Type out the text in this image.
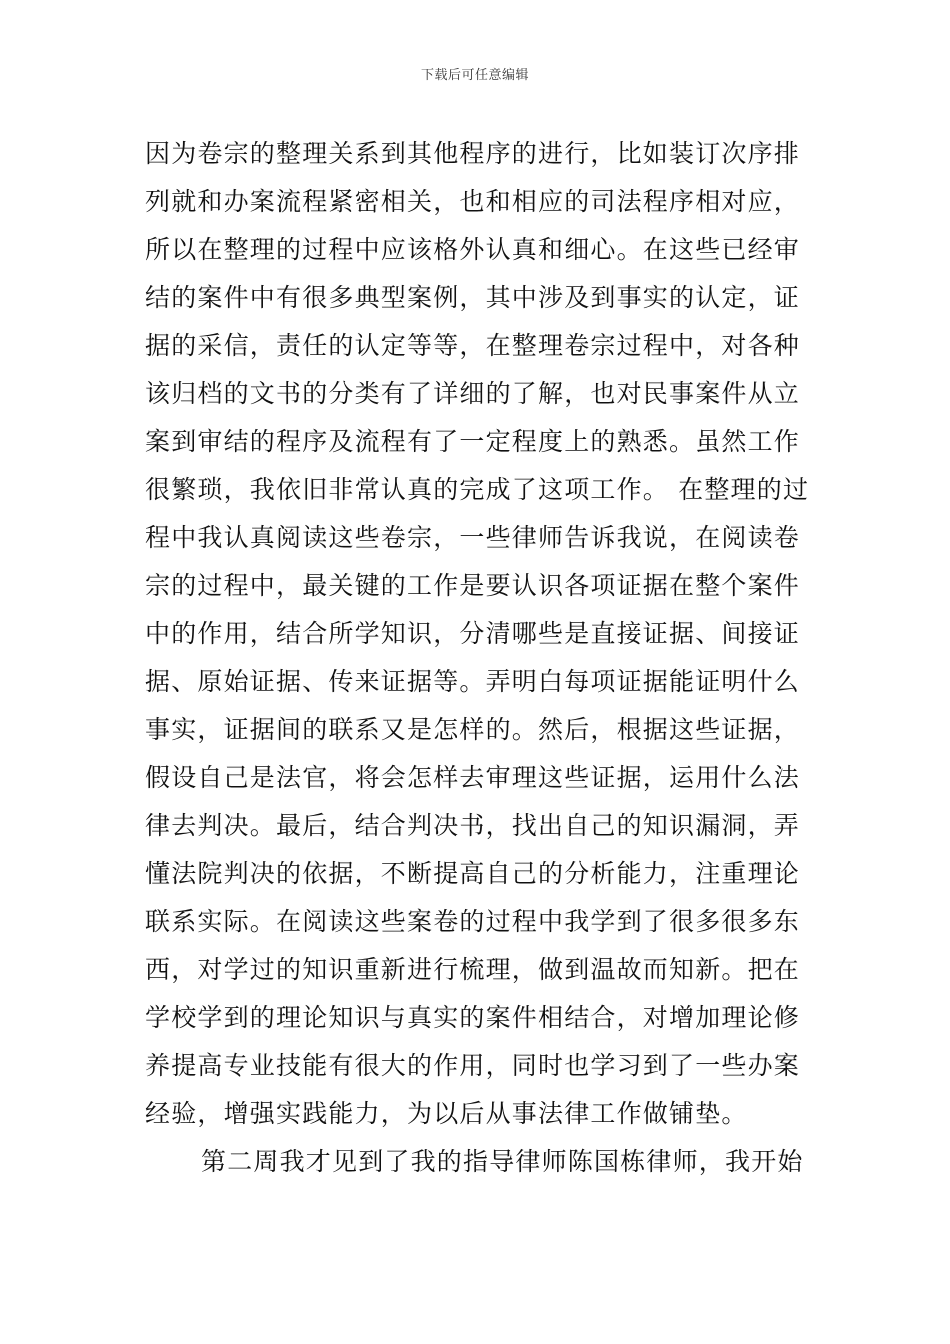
下载后可任意编辑
因为卷宗的整理关系到其他程序的进行，比如装订次序排
列就和办案流程紧密相关，也和相应的司法程序相对应，
所以在整理的过程中应该格外认真和细心。在这些已经审
结的案件中有很多典型案例，其中涉及到事实的认定，证
据的采信，责任的认定等等，在整理卷宗过程中，对各种
该归档的文书的分类有了详细的了解，也对民事案件从立
案到审结的程序及流程有了一定程度上的熟悉。虽然工作
很繁琐，我依旧非常认真的完成了这项工作。 在整理的过
程中我认真阅读这些卷宗，一些律师告诉我说，在阅读卷
宗的过程中，最关键的工作是要认识各项证据在整个案件
中的作用，结合所学知识，分清哪些是直接证据、间接证
据、原始证据、传来证据等。弄明白每项证据能证明什么
事实，证据间的联系又是怎样的。然后，根据这些证据，
假设自己是法官，将会怎样去审理这些证据，运用什么法
律去判决。最后，结合判决书，找出自己的知识漏洞，弄
懂法院判决的依据，不断提高自己的分析能力，注重理论
联系实际。在阅读这些案卷的过程中我学到了很多很多东
西，对学过的知识重新进行梳理，做到温故而知新。把在
学校学到的理论知识与真实的案件相结合，对增加理论修
养提高专业技能有很大的作用，同时也学习到了一些办案
经验，增强实践能力，为以后从事法律工作做铺垫。
第二周我才见到了我的指导律师陈国栋律师，我开始
